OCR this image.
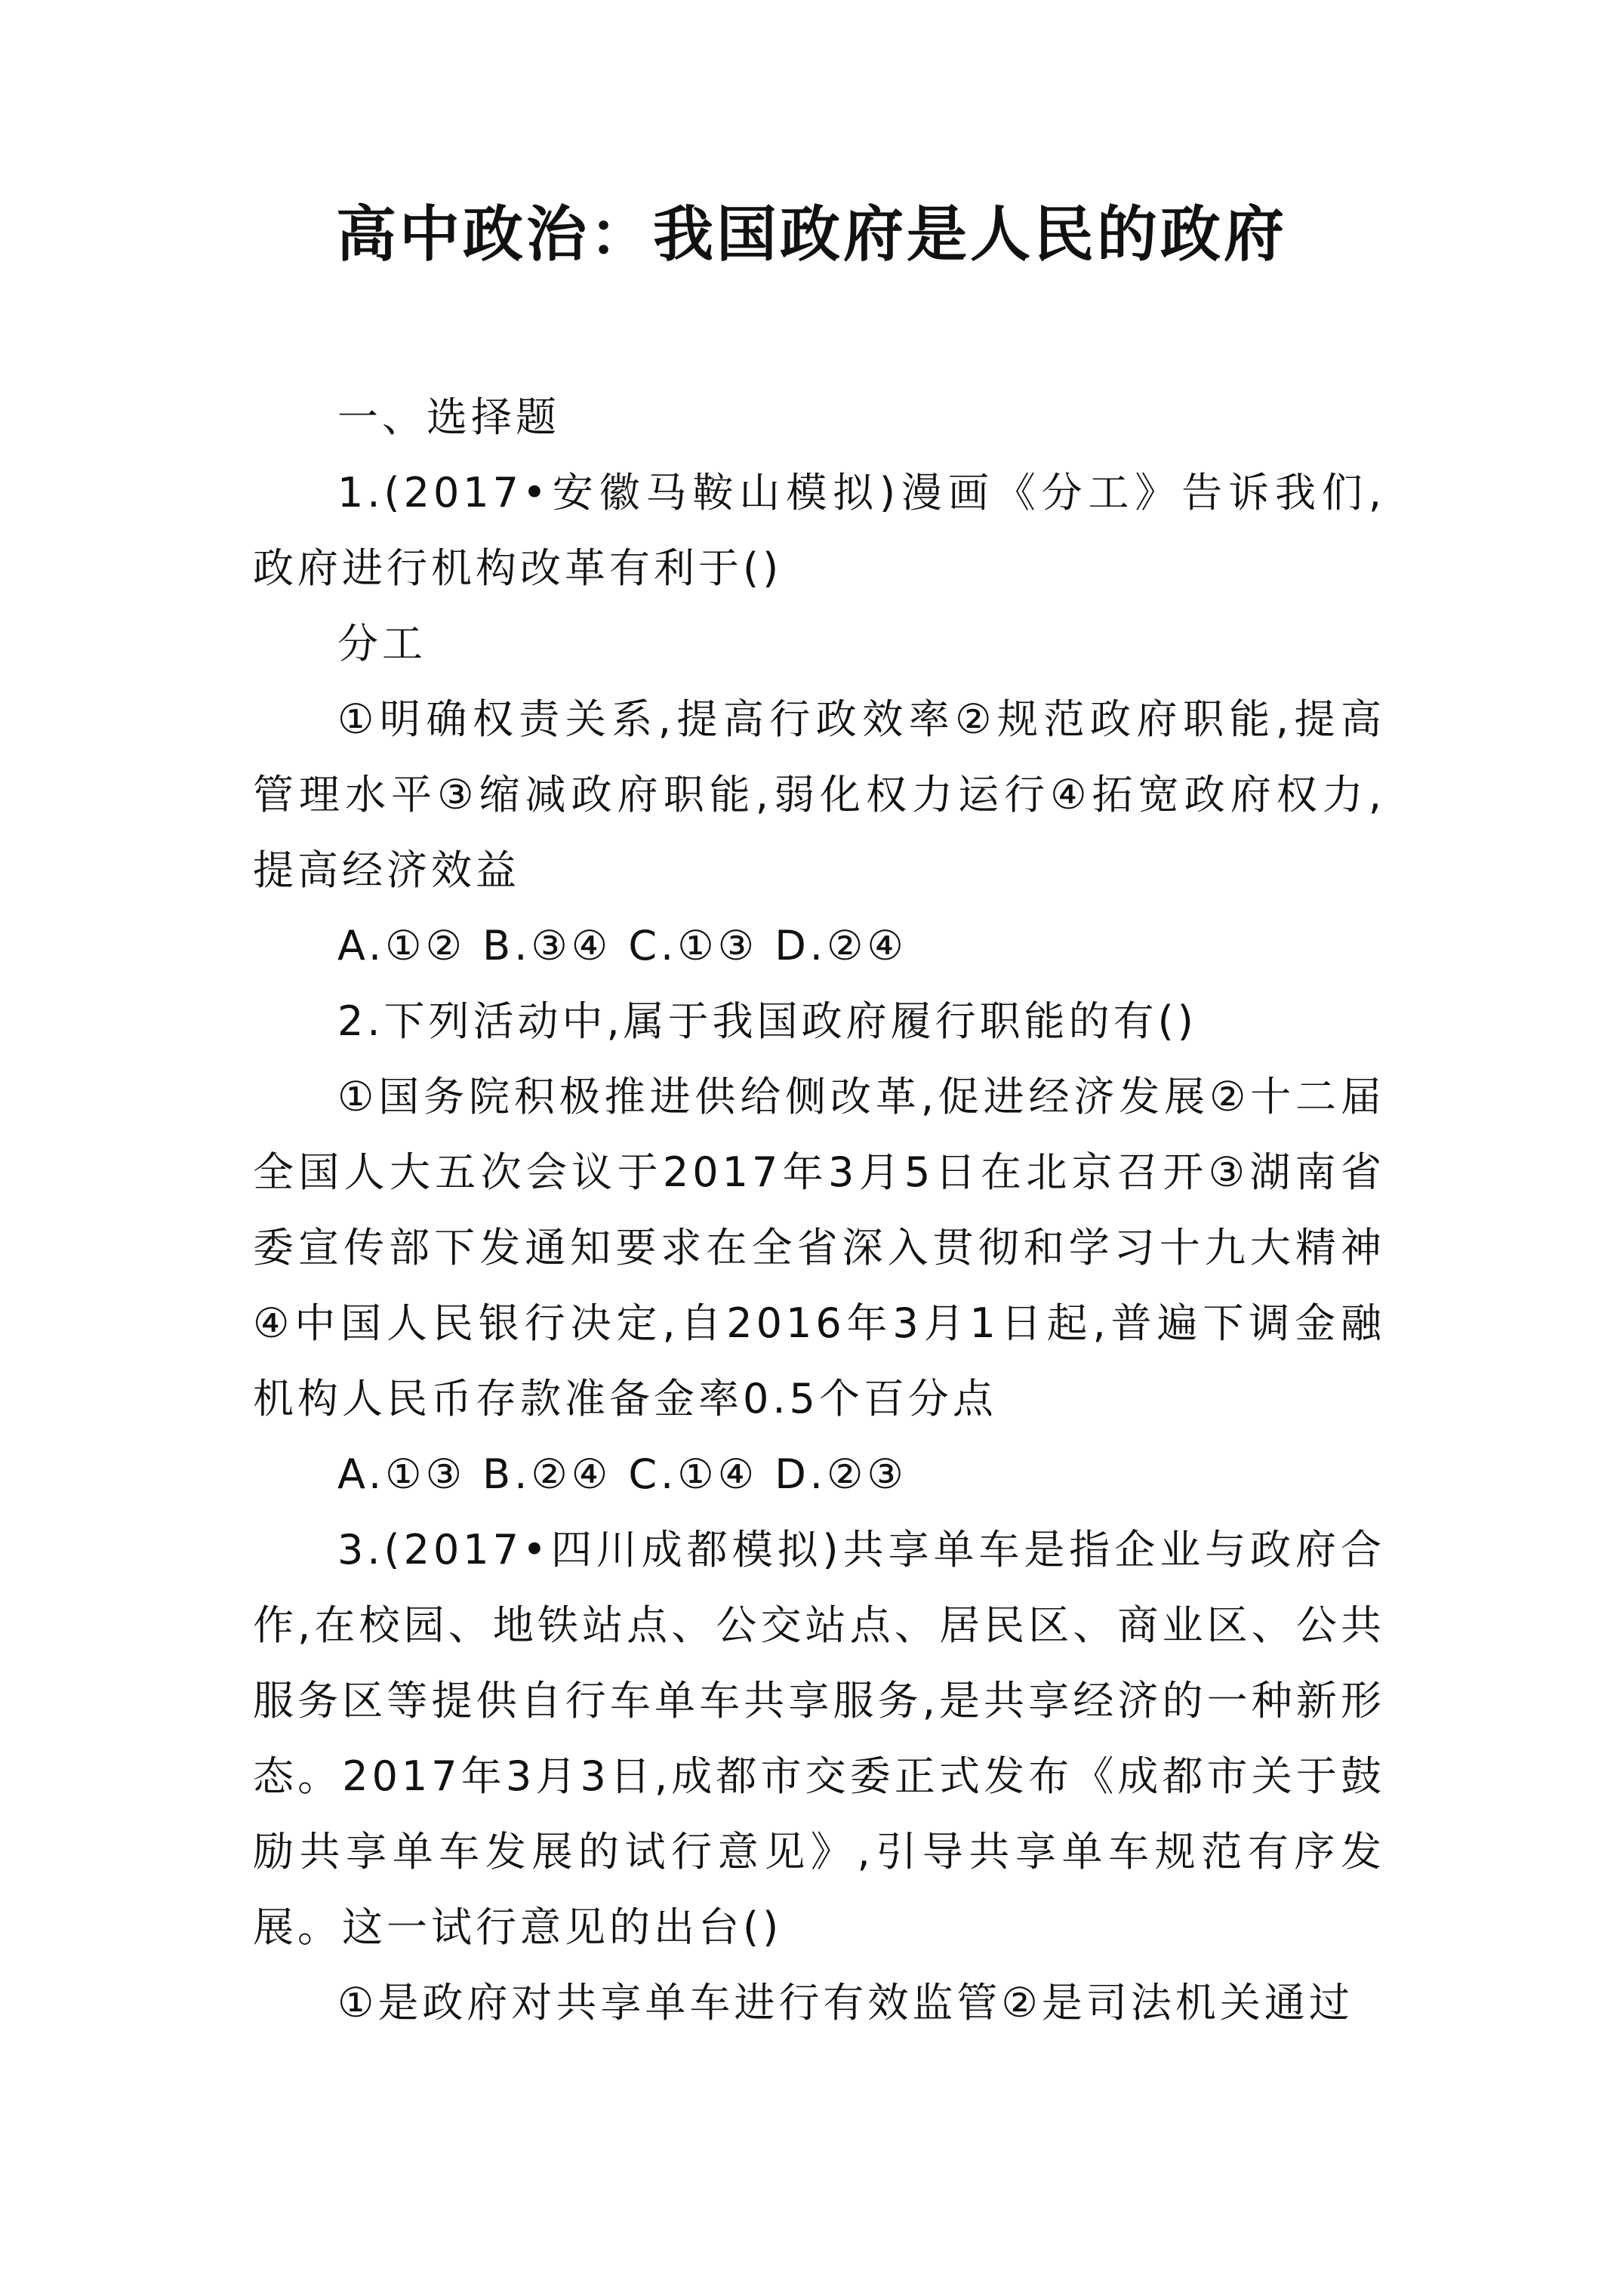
高中政治：我国政府是人民的政府

一、选择题

1.(2017•安徽马鞍山模拟)漫画《分工》告诉我们,政府进行机构改革有利于()

分工

①明确权责关系,提高行政效率②规范政府职能,提高管理水平③缩减政府职能,弱化权力运行④拓宽政府权力,提高经济效益

A.①② B.③④ C.①③ D.②④

2.下列活动中,属于我国政府履行职能的有()

①国务院积极推进供给侧改革,促进经济发展②十二届全国人大五次会议于2017年3月5日在北京召开③湖南省委宣传部下发通知要求在全省深入贯彻和学习十九大精神④中国人民银行决定,自2016年3月1日起,普遍下调金融机构人民币存款准备金率0.5个百分点

A.①③ B.②④ C.①④ D.②③

3.(2017•四川成都模拟)共享单车是指企业与政府合作,在校园、地铁站点、公交站点、居民区、商业区、公共服务区等提供自行车单车共享服务,是共享经济的一种新形态。2017年3月3日,成都市交委正式发布《成都市关于鼓励共享单车发展的试行意见》,引导共享单车规范有序发展。这一试行意见的出台()

①是政府对共享单车进行有效监管②是司法机关通过
